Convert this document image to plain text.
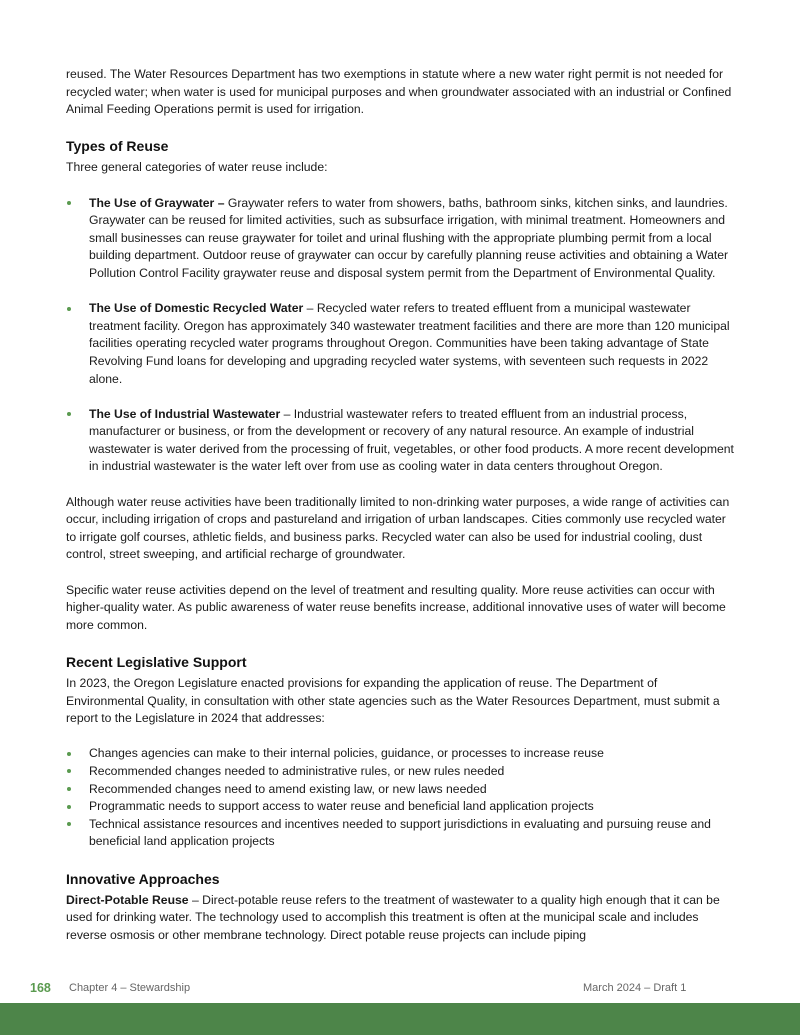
reused. The Water Resources Department has two exemptions in statute where a new water right permit is not needed for recycled water; when water is used for municipal purposes and when groundwater associated with an industrial or Confined Animal Feeding Operations permit is used for irrigation.

Types of Reuse

Three general categories of water reuse include:

The Use of Graywater – Graywater refers to water from showers, baths, bathroom sinks, kitchen sinks, and laundries. Graywater can be reused for limited activities, such as subsurface irrigation, with minimal treatment. Homeowners and small businesses can reuse graywater for toilet and urinal flushing with the appropriate plumbing permit from a local building department. Outdoor reuse of graywater can occur by carefully planning reuse activities and obtaining a Water Pollution Control Facility graywater reuse and disposal system permit from the Department of Environmental Quality.
The Use of Domestic Recycled Water – Recycled water refers to treated effluent from a municipal wastewater treatment facility. Oregon has approximately 340 wastewater treatment facilities and there are more than 120 municipal facilities operating recycled water programs throughout Oregon. Communities have been taking advantage of State Revolving Fund loans for developing and upgrading recycled water systems, with seventeen such requests in 2022 alone.
The Use of Industrial Wastewater – Industrial wastewater refers to treated effluent from an industrial process, manufacturer or business, or from the development or recovery of any natural resource. An example of industrial wastewater is water derived from the processing of fruit, vegetables, or other food products. A more recent development in industrial wastewater is the water left over from use as cooling water in data centers throughout Oregon.

Although water reuse activities have been traditionally limited to non-drinking water purposes, a wide range of activities can occur, including irrigation of crops and pastureland and irrigation of urban landscapes. Cities commonly use recycled water to irrigate golf courses, athletic fields, and business parks. Recycled water can also be used for industrial cooling, dust control, street sweeping, and artificial recharge of groundwater.

Specific water reuse activities depend on the level of treatment and resulting quality. More reuse activities can occur with higher-quality water. As public awareness of water reuse benefits increase, additional innovative uses of water will become more common.

Recent Legislative Support

In 2023, the Oregon Legislature enacted provisions for expanding the application of reuse. The Department of Environmental Quality, in consultation with other state agencies such as the Water Resources Department, must submit a report to the Legislature in 2024 that addresses:

Changes agencies can make to their internal policies, guidance, or processes to increase reuse
Recommended changes needed to administrative rules, or new rules needed
Recommended changes need to amend existing law, or new laws needed
Programmatic needs to support access to water reuse and beneficial land application projects
Technical assistance resources and incentives needed to support jurisdictions in evaluating and pursuing reuse and beneficial land application projects
Innovative Approaches

Direct-Potable Reuse – Direct-potable reuse refers to the treatment of wastewater to a quality high enough that it can be used for drinking water. The technology used to accomplish this treatment is often at the municipal scale and includes reverse osmosis or other membrane technology. Direct potable reuse projects can include piping

168 Chapter 4 – Stewardship	March 2024 – Draft 1
